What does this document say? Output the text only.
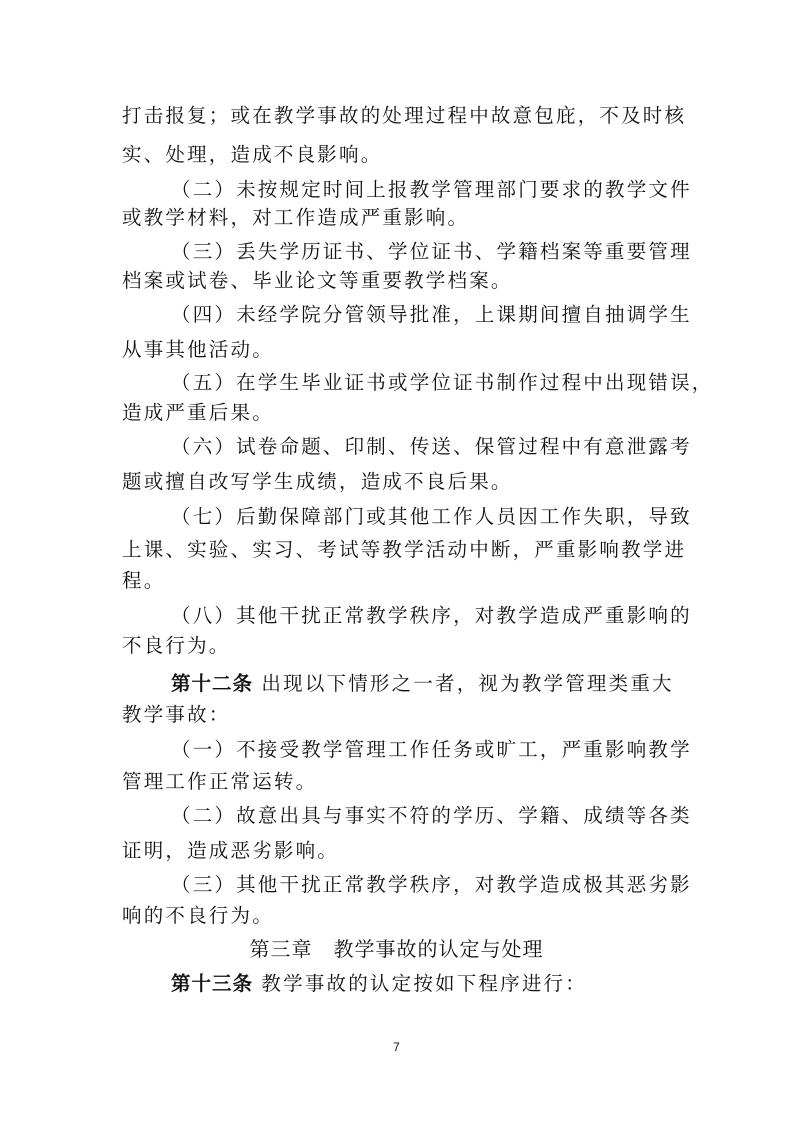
打击报复；或在教学事故的处理过程中故意包庇，不及时核
实、处理，造成不良影响。
（二）未按规定时间上报教学管理部门要求的教学文件
或教学材料，对工作造成严重影响。
（三）丢失学历证书、学位证书、学籍档案等重要管理
档案或试卷、毕业论文等重要教学档案。
（四）未经学院分管领导批准，上课期间擅自抽调学生
从事其他活动。
（五）在学生毕业证书或学位证书制作过程中出现错误，
造成严重后果。
（六）试卷命题、印制、传送、保管过程中有意泄露考
题或擅自改写学生成绩，造成不良后果。
（七）后勤保障部门或其他工作人员因工作失职，导致
上课、实验、实习、考试等教学活动中断，严重影响教学进
程。
（八）其他干扰正常教学秩序，对教学造成严重影响的
不良行为。
第十二条 出现以下情形之一者，视为教学管理类重大
教学事故：
（一）不接受教学管理工作任务或旷工，严重影响教学
管理工作正常运转。
（二）故意出具与事实不符的学历、学籍、成绩等各类
证明，造成恶劣影响。
（三）其他干扰正常教学秩序，对教学造成极其恶劣影
响的不良行为。
第三章　教学事故的认定与处理
第十三条 教学事故的认定按如下程序进行：
7
